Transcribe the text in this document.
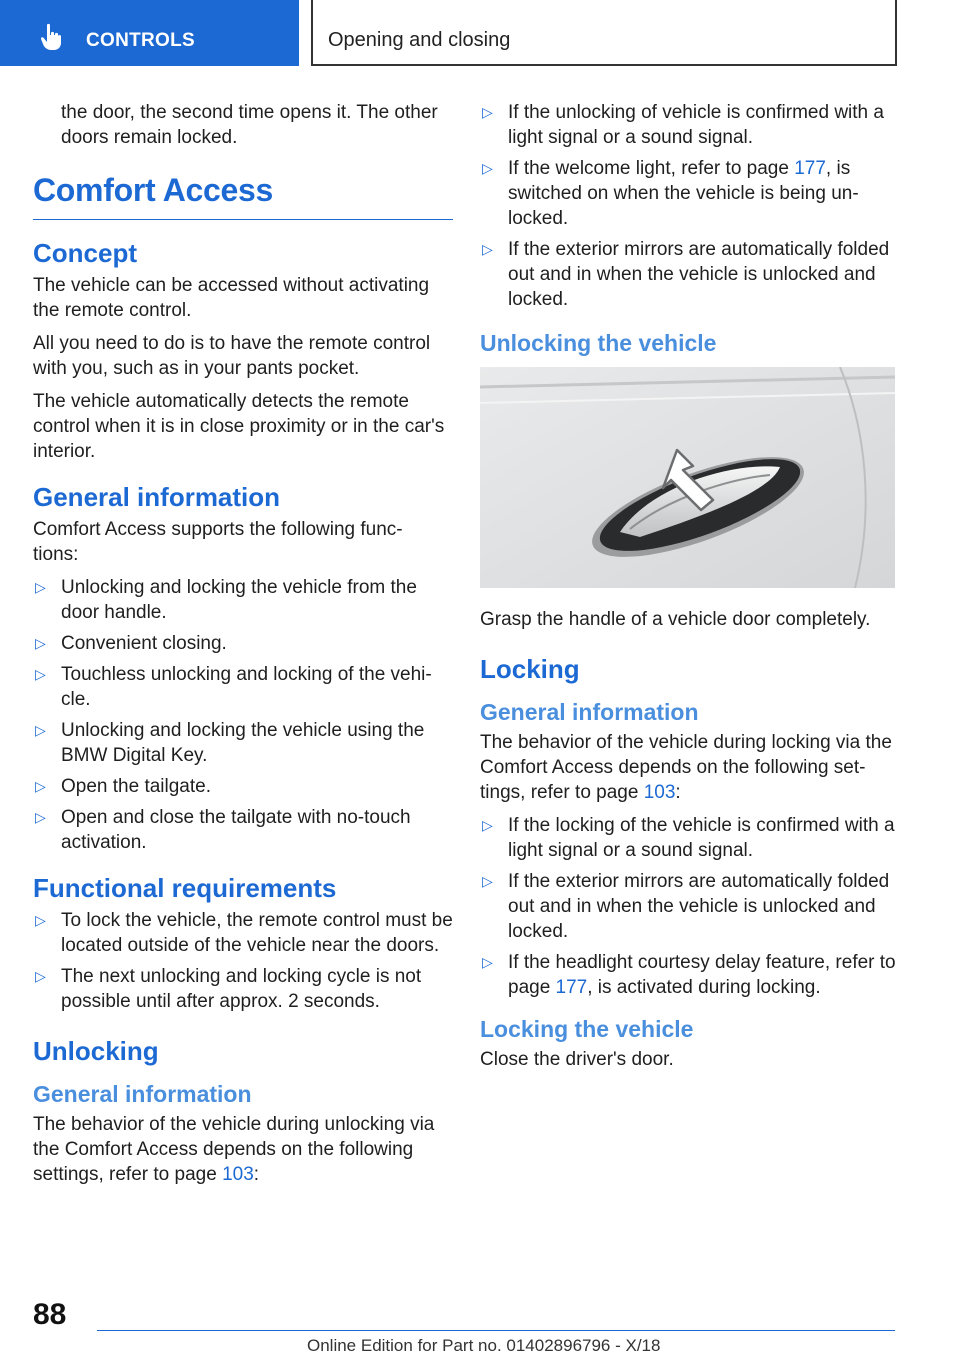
CONTROLS	Opening and closing

the door, the second time opens it. The other doors remain locked.

Comfort Access
Concept

The vehicle can be accessed without activating the remote control.

All you need to do is to have the remote control with you, such as in your pants pocket.

The vehicle automatically detects the remote control when it is in close proximity or in the car's interior.

General information

Comfort Access supports the following func- tions:

▷ Unlocking and locking the vehicle from the door handle.
▷ Convenient closing.
▷ Touchless unlocking and locking of the vehi- cle.
▷ Unlocking and locking the vehicle using the BMW Digital Key.
▷ Open the tailgate.
▷ Open and close the tailgate with no-touch activation.
Functional requirements
▷ To lock the vehicle, the remote control must be located outside of the vehicle near the doors.
▷ The next unlocking and locking cycle is not possible until after approx. 2 seconds.
Unlocking
General information

The behavior of the vehicle during unlocking via the Comfort Access depends on the following settings, refer to page 103:

▷ If the unlocking of vehicle is confirmed with a light signal or a sound signal.
▷ If the welcome light, refer to page 177, is switched on when the vehicle is being un- locked.
▷ If the exterior mirrors are automatically folded out and in when the vehicle is unlocked and locked.
Unlocking the vehicle

Grasp the handle of a vehicle door completely.

Locking
General information

The behavior of the vehicle during locking via the Comfort Access depends on the following set- tings, refer to page 103:

▷ If the locking of the vehicle is confirmed with a light signal or a sound signal.
▷ If the exterior mirrors are automatically folded out and in when the vehicle is unlocked and locked.
▷ If the headlight courtesy delay feature, refer to page 177, is activated during locking.
Locking the vehicle

Close the driver's door.

88
Online Edition for Part no. 01402896796 - X/18
